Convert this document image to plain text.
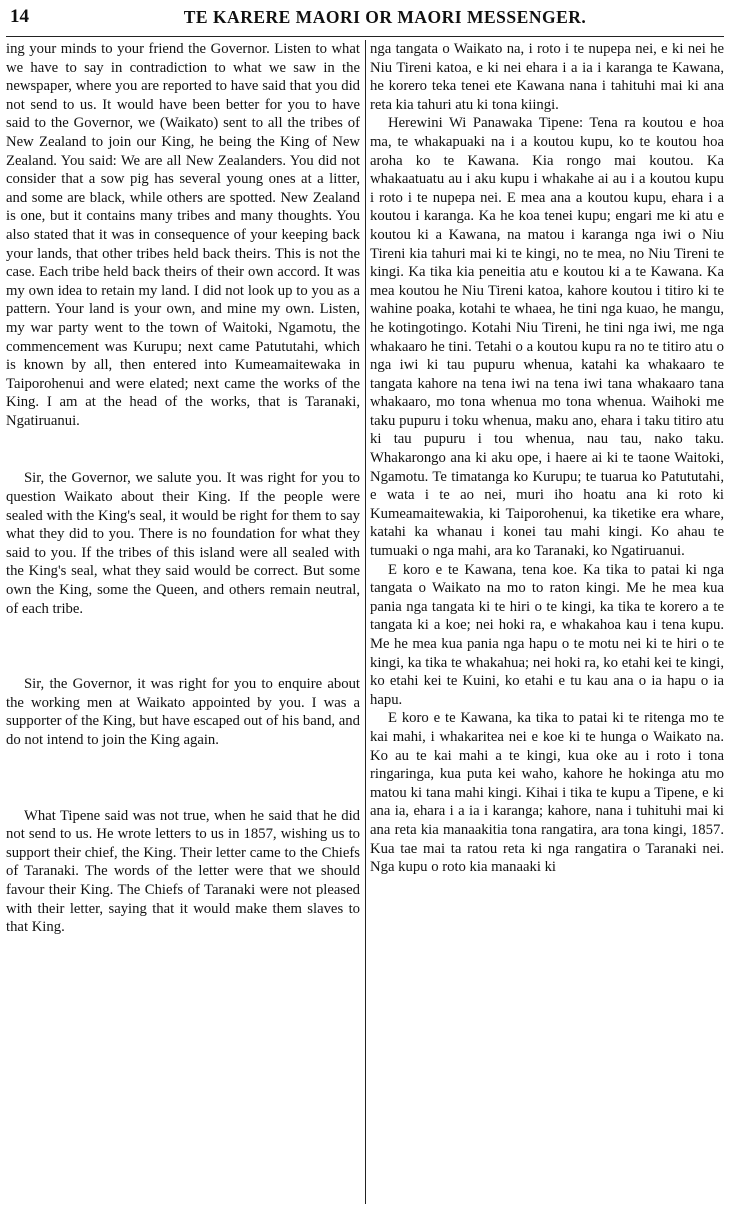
14	TE KARERE MAORI OR MAORI MESSENGER.

ing your minds to your friend the Governor. Listen to what we have to say in contradiction to what we saw in the newspaper, where you are reported to have said that you did not send to us. It would have been better for you to have said to the Governor, we (Waikato) sent to all the tribes of New Zealand to join our King, he being the King of New Zealand. You said: We are all New Zealanders. You did not consider that a sow pig has several young ones at a litter, and some are black, while others are spotted. New Zealand is one, but it contains many tribes and many thoughts. You also stated that it was in consequence of your keeping back your lands, that other tribes held back theirs. This is not the case. Each tribe held back theirs of their own accord. It was my own idea to retain my land. I did not look up to you as a pattern. Your land is your own, and mine my own. Listen, my war party went to the town of Waitoki, Ngamotu, the commencement was Kurupu; next came Patututahi, which is known by all, then entered into Kumeamaitewaka in Taiporohenui and were elated; next came the works of the King. I am at the head of the works, that is Taranaki, Ngatiruanui.

Sir, the Governor, we salute you. It was right for you to question Waikato about their King. If the people were sealed with the King's seal, it would be right for them to say what they did to you. There is no foundation for what they said to you. If the tribes of this island were all sealed with the King's seal, what they said would be correct. But some own the King, some the Queen, and others remain neutral, of each tribe.

Sir, the Governor, it was right for you to enquire about the working men at Waikato appointed by you. I was a supporter of the King, but have escaped out of his band, and do not intend to join the King again.

What Tipene said was not true, when he said that he did not send to us. He wrote letters to us in 1857, wishing us to support their chief, the King. Their letter came to the Chiefs of Taranaki. The words of the letter were that we should favour their King. The Chiefs of Taranaki were not pleased with their letter, saying that it would make them slaves to that King.

nga tangata o Waikato na, i roto i te nupepa nei, e ki nei he Niu Tireni katoa, e ki nei ehara i a ia i karanga te Kawana, he korero teka tenei ete Kawana nana i tahituhi mai ki ana reta kia tahuri atu ki tona kiingi.

Herewini Wi Panawaka Tipene: Tena ra koutou e hoa ma, te whakapuaki na i a koutou kupu, ko te koutou hoa aroha ko te Kawana. Kia rongo mai koutou. Ka whakaatuatu au i aku kupu i whakahe ai au i a koutou kupu i roto i te nupepa nei. E mea ana a koutou kupu, ehara i a koutou i karanga. Ka he koa tenei kupu; engari me ki atu e koutou ki a Kawana, na matou i karanga nga iwi o Niu Tireni kia tahuri mai ki te kingi, no te mea, no Niu Tireni te kingi. Ka tika kia peneitia atu e koutou ki a te Kawana. Ka mea koutou he Niu Tireni katoa, kahore koutou i titiro ki te wahine poaka, kotahi te whaea, he tini nga kuao, he mangu, he kotingotingo. Kotahi Niu Tireni, he tini nga iwi, me nga whakaaro he tini. Tetahi o a koutou kupu ra no te titiro atu o nga iwi ki tau pupuru whenua, katahi ka whakaaro te tangata kahore na tena iwi na tena iwi tana whakaaro tana whakaaro, mo tona whenua mo tona whenua. Waihoki me taku pupuru i toku whenua, maku ano, ehara i taku titiro atu ki tau pupuru i tou whenua, nau tau, nako taku. Whakarongo ana ki aku ope, i haere ai ki te taone Waitoki, Ngamotu. Te timatanga ko Kurupu; te tuarua ko Patututahi, e wata i te ao nei, muri iho hoatu ana ki roto ki Kumeamaitewakia, ki Taiporohenui, ka tiketike era whare, katahi ka whanau i konei tau mahi kingi. Ko ahau te tumuaki o nga mahi, ara ko Taranaki, ko Ngatiruanui.

E koro e te Kawana, tena koe. Ka tika to patai ki nga tangata o Waikato na mo to raton kingi. Me he mea kua pania nga tangata ki te hiri o te kingi, ka tika te korero a te tangata ki a koe; nei hoki ra, e whakahoa kau i tena kupu. Me he mea kua pania nga hapu o te motu nei ki te hiri o te kingi, ka tika te whakahua; nei hoki ra, ko etahi kei te kingi, ko etahi kei te Kuini, ko etahi e tu kau ana o ia hapu o ia hapu.

E koro e te Kawana, ka tika to patai ki te ritenga mo te kai mahi, i whakaritea nei e koe ki te hunga o Waikato na. Ko au te kai mahi a te kingi, kua oke au i roto i tona ringaringa, kua puta kei waho, kahore he hokinga atu mo matou ki tana mahi kingi. Kihai i tika te kupu a Tipene, e ki ana ia, ehara i a ia i karanga; kahore, nana i tuhituhi mai ki ana reta kia manaakitia tona rangatira, ara tona kingi, 1857. Kua tae mai ta ratou reta ki nga rangatira o Taranaki nei. Nga kupu o roto kia manaaki ki
